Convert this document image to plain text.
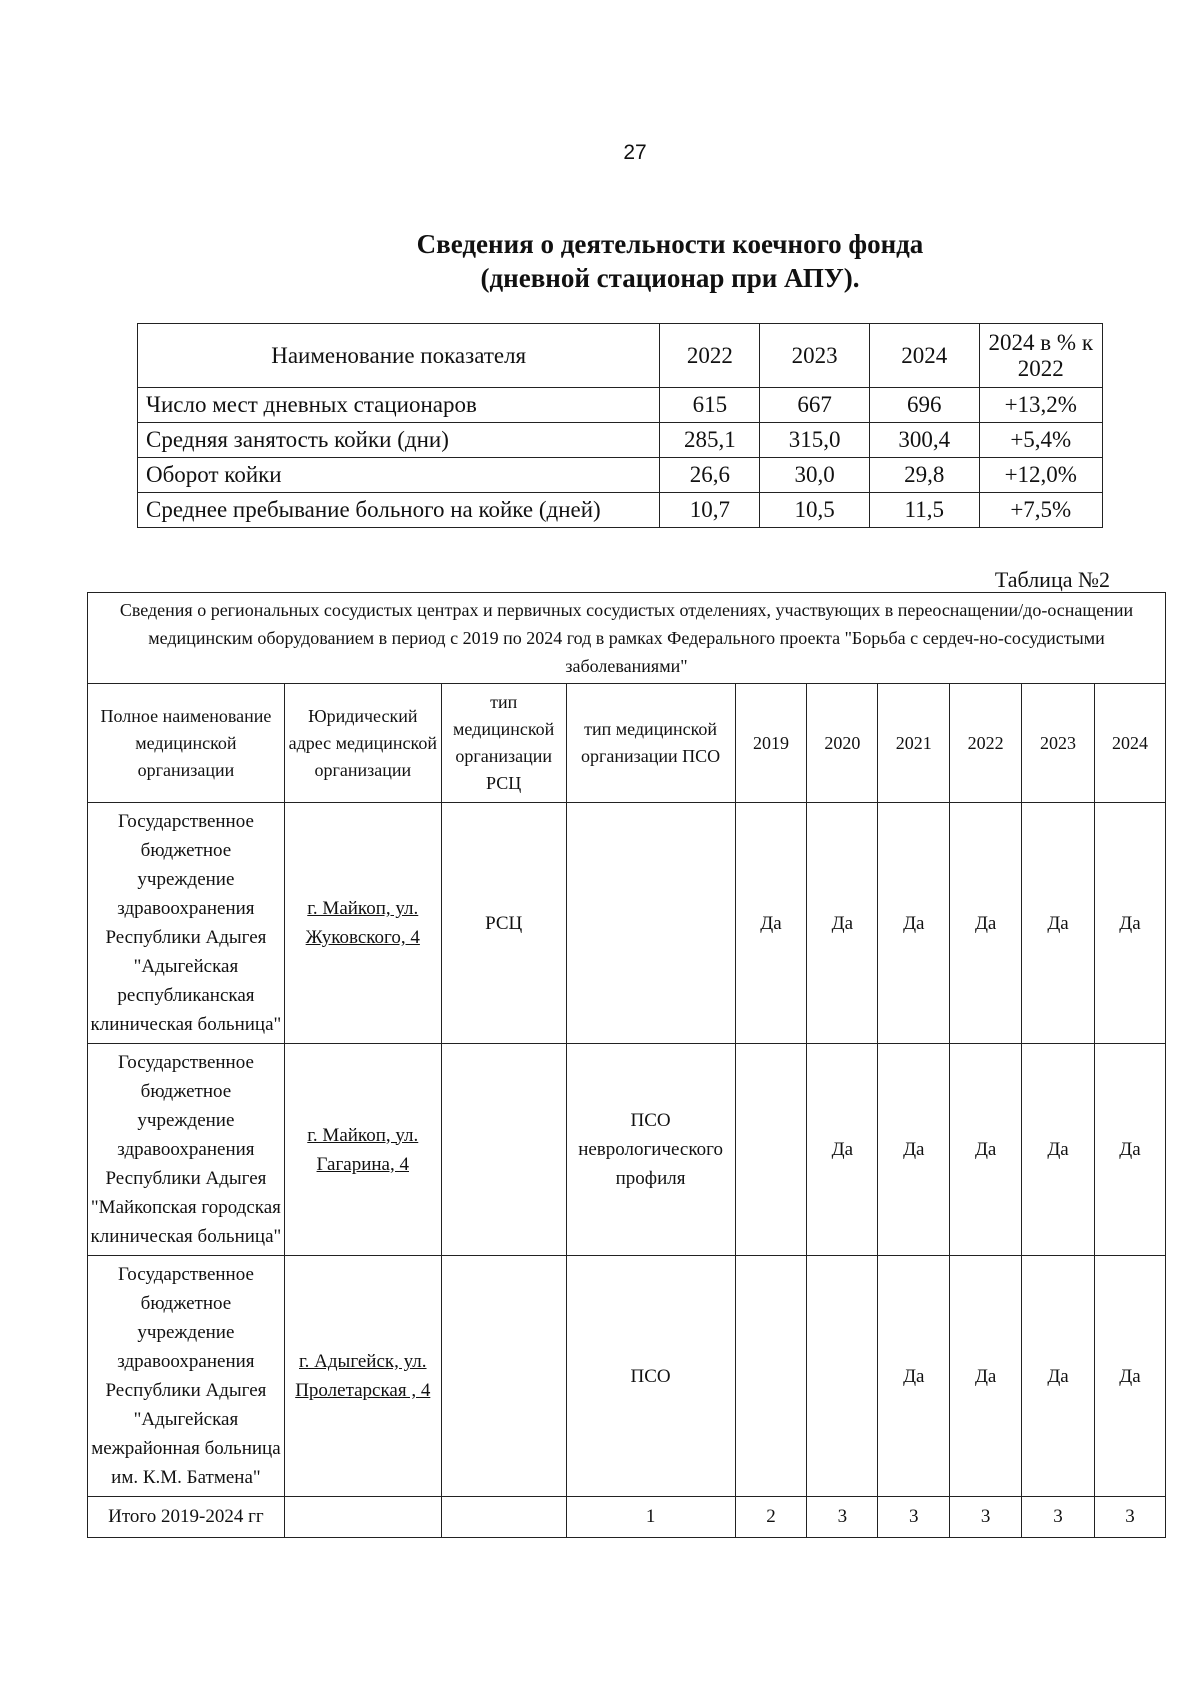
27
Сведения о деятельности коечного фонда
(дневной стационар при АПУ).
Наименование показателя	2022	2023	2024	2024 в % к 2022
Число мест дневных стационаров	615	667	696	+13,2%
Средняя занятость койки (дни)	285,1	315,0	300,4	+5,4%
Оборот койки	26,6	30,0	29,8	+12,0%
Среднее пребывание больного на койке (дней)	10,7	10,5	11,5	+7,5%
Таблица №2
Сведения о региональных сосудистых центрах и первичных сосудистых отделениях, участвующих в переоснащении/до-оснащении медицинским оборудованием в период с 2019 по 2024 год в рамках Федерального проекта "Борьба с сердеч-но-сосудистыми заболеваниями"									
Полное наименование медицинской организации	Юридический адрес медицинской организации	тип медицинской организации РСЦ	тип медицинской организации ПСО	2019	2020	2021	2022	2023	2024
Государственное бюджетное учреждение здравоохранения Республики Адыгея "Адыгейская республиканская клиническая больница"	г. Майкоп, ул. Жуковского, 4	РСЦ		Да	Да	Да	Да	Да	Да
Государственное бюджетное учреждение здравоохранения Республики Адыгея "Майкопская городская клиническая больница"	г. Майкоп, ул. Гагарина, 4		ПСО неврологического профиля		Да	Да	Да	Да	Да
Государственное бюджетное учреждение здравоохранения Республики Адыгея "Адыгейская межрайонная больница им. К.М. Батмена"	г. Адыгейск, ул. Пролетарская , 4		ПСО			Да	Да	Да	Да
Итого 2019-2024 гг			1	2	3	3	3	3	3
